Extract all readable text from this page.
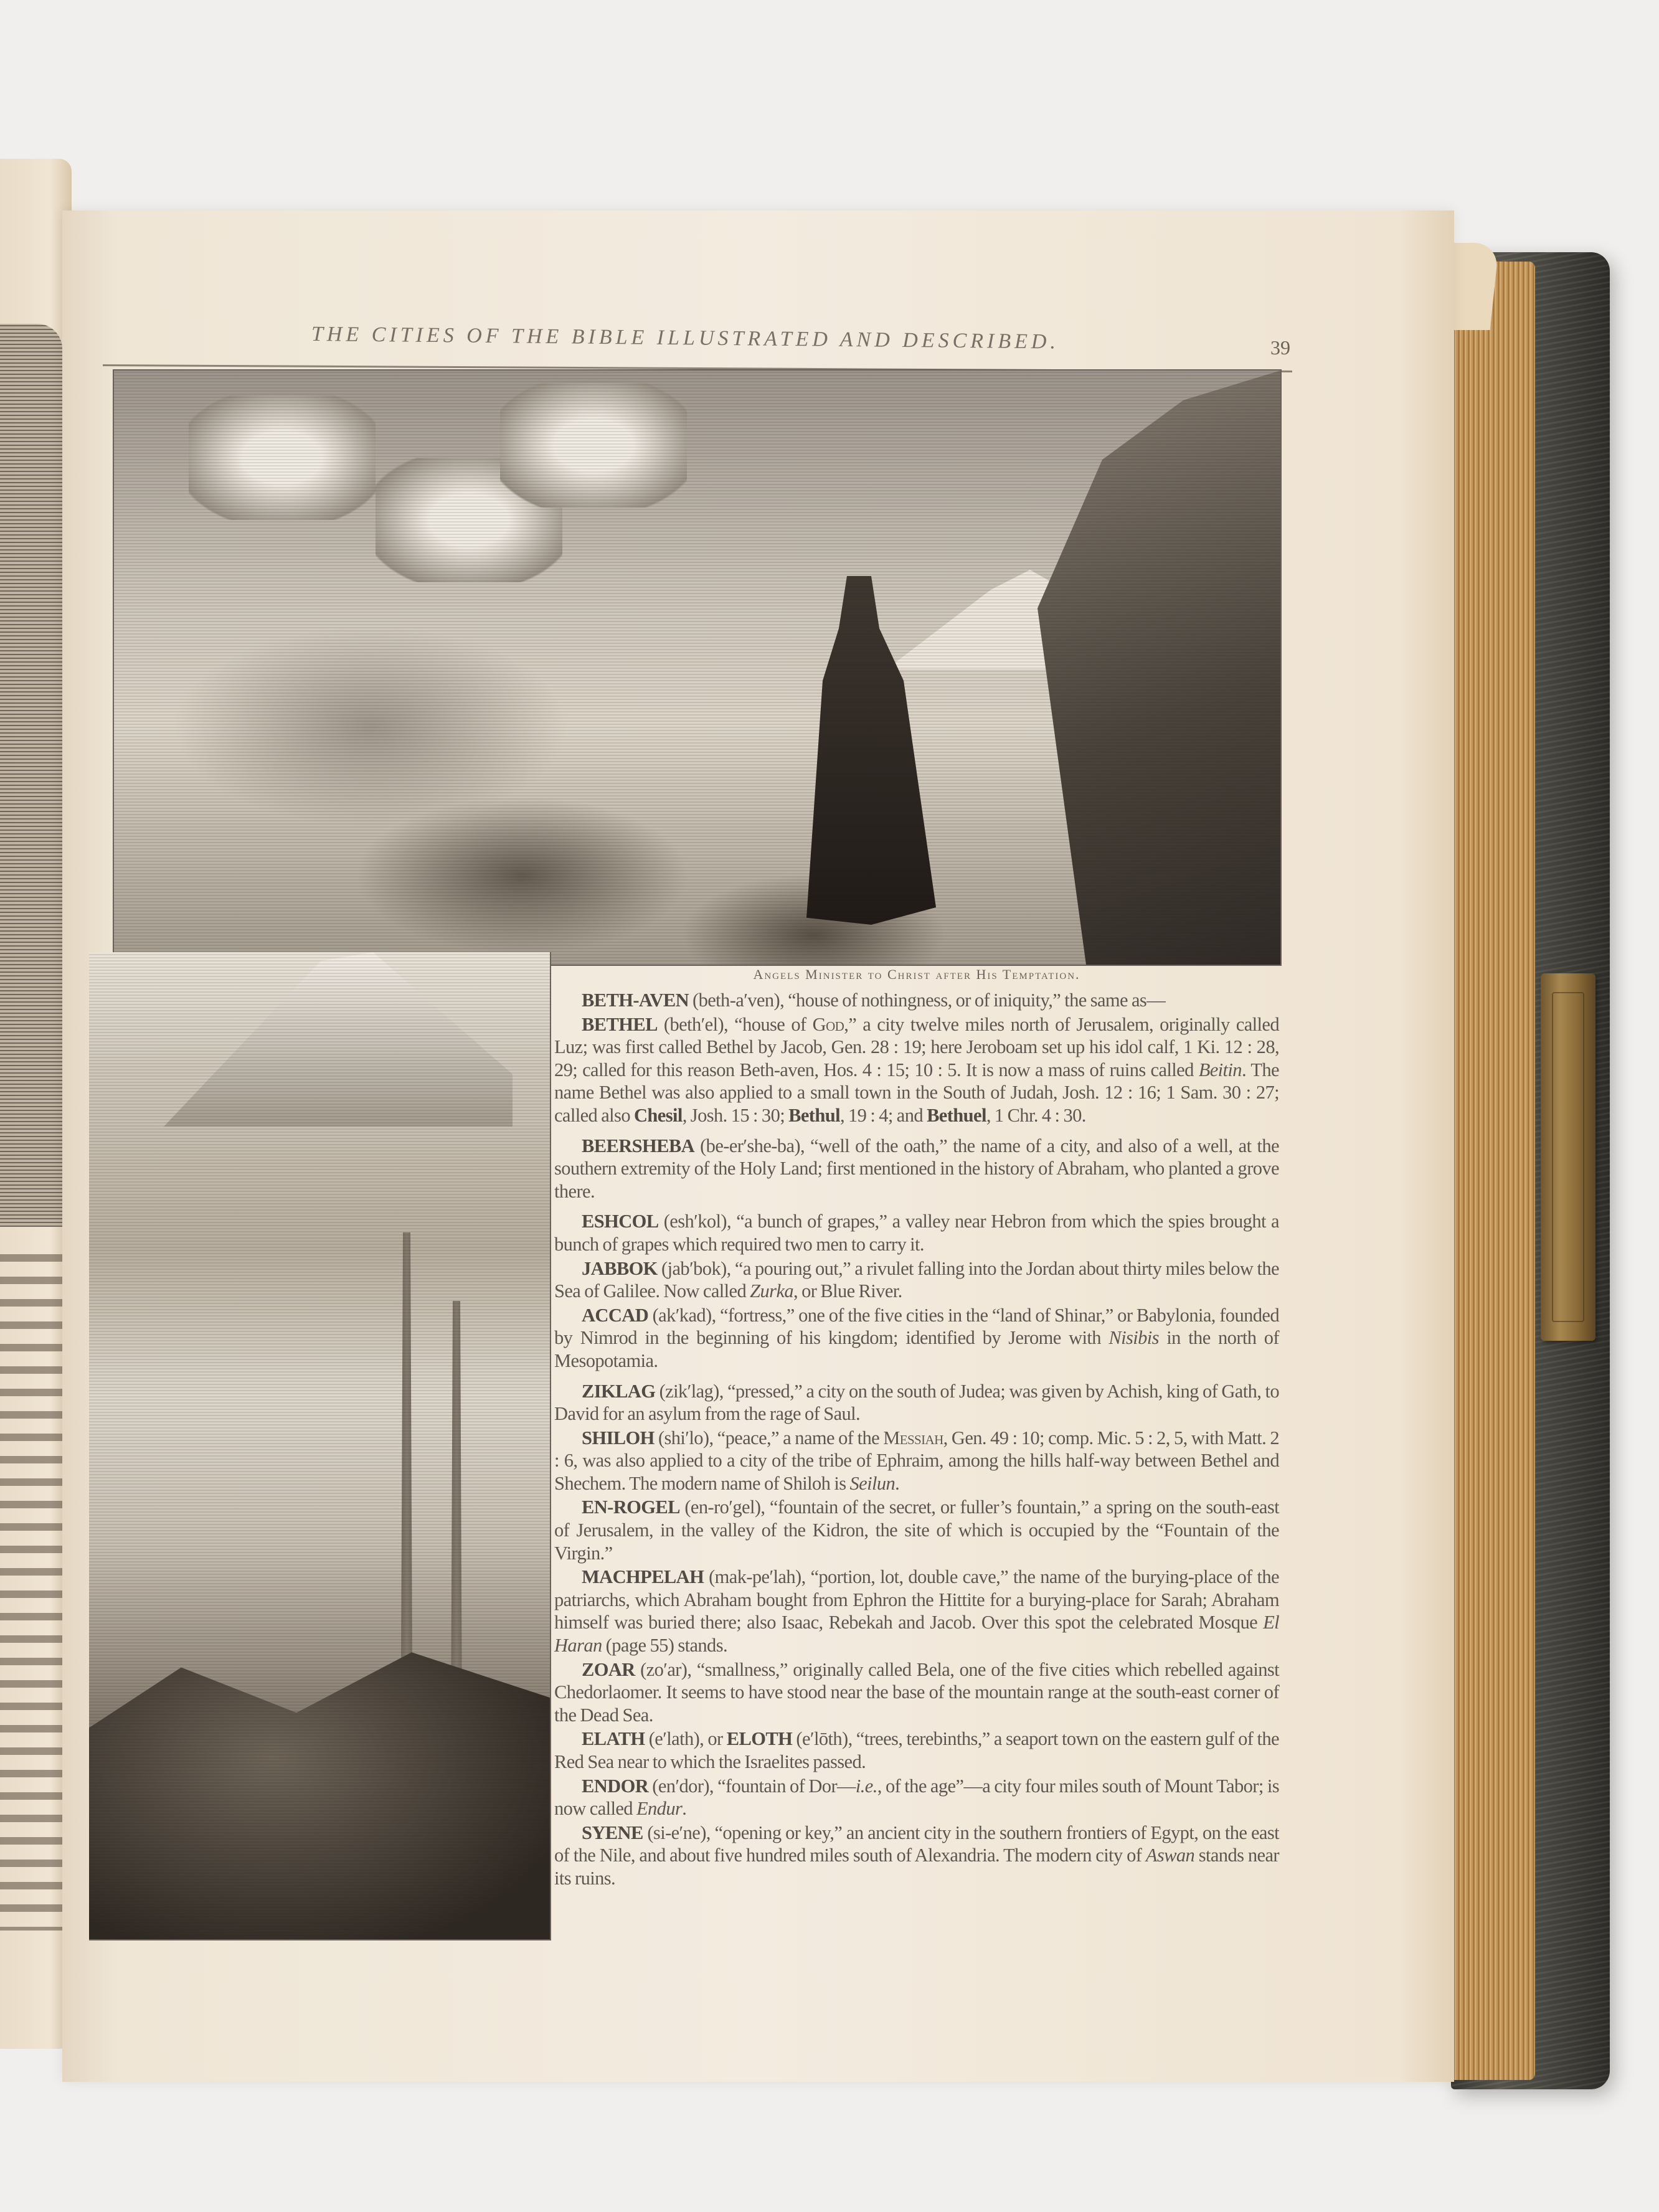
THE CITIES OF THE BIBLE ILLUSTRATED AND DESCRIBED.	39
Angels Minister to Christ after His Temptation.

BETH-AVEN (beth-a′ven), “house of nothingness, or of iniquity,” the same as—

BETHEL (beth′el), “house of God,” a city twelve miles north of Jerusalem, originally called Luz; was first called Bethel by Jacob, Gen. 28 : 19; here Jeroboam set up his idol calf, 1 Ki. 12 : 28, 29; called for this reason Beth-aven, Hos. 4 : 15; 10 : 5. It is now a mass of ruins called Beitin. The name Bethel was also applied to a small town in the South of Judah, Josh. 12 : 16; 1 Sam. 30 : 27; called also Chesil, Josh. 15 : 30; Bethul, 19 : 4; and Bethuel, 1 Chr. 4 : 30.

BEERSHEBA (be-er′she-ba), “well of the oath,” the name of a city, and also of a well, at the southern extremity of the Holy Land; first mentioned in the history of Abraham, who planted a grove there.

ESHCOL (esh′kol), “a bunch of grapes,” a valley near Hebron from which the spies brought a bunch of grapes which required two men to carry it.

JABBOK (jab′bok), “a pouring out,” a rivulet falling into the Jordan about thirty miles below the Sea of Galilee. Now called Zurka, or Blue River.

ACCAD (ak′kad), “fortress,” one of the five cities in the “land of Shinar,” or Babylonia, founded by Nimrod in the beginning of his kingdom; identified by Jerome with Nisibis in the north of Mesopotamia.

ZIKLAG (zik′lag), “pressed,” a city on the south of Judea; was given by Achish, king of Gath, to David for an asylum from the rage of Saul.

SHILOH (shi′lo), “peace,” a name of the Messiah, Gen. 49 : 10; comp. Mic. 5 : 2, 5, with Matt. 2 : 6, was also applied to a city of the tribe of Ephraim, among the hills half-way between Bethel and Shechem. The modern name of Shiloh is Seilun.

EN-ROGEL (en-ro′gel), “fountain of the secret, or fuller’s fountain,” a spring on the south-east of Jerusalem, in the valley of the Kidron, the site of which is occupied by the “Fountain of the Virgin.”

MACHPELAH (mak-pe′lah), “portion, lot, double cave,” the name of the burying-place of the patriarchs, which Abraham bought from Ephron the Hittite for a burying-place for Sarah; Abraham himself was buried there; also Isaac, Rebekah and Jacob. Over this spot the celebrated Mosque El Haran (page 55) stands.

ZOAR (zo′ar), “smallness,” originally called Bela, one of the five cities which rebelled against Chedorlaomer. It seems to have stood near the base of the mountain range at the south-east corner of the Dead Sea.

ELATH (e′lath), or ELOTH (e′lōth), “trees, terebinths,” a seaport town on the eastern gulf of the Red Sea near to which the Israelites passed.

ENDOR (en′dor), “fountain of Dor—i.e., of the age”—a city four miles south of Mount Tabor; is now called Endur.

SYENE (si-e′ne), “opening or key,” an ancient city in the southern frontiers of Egypt, on the east of the Nile, and about five hundred miles south of Alexandria. The modern city of Aswan stands near its ruins.
